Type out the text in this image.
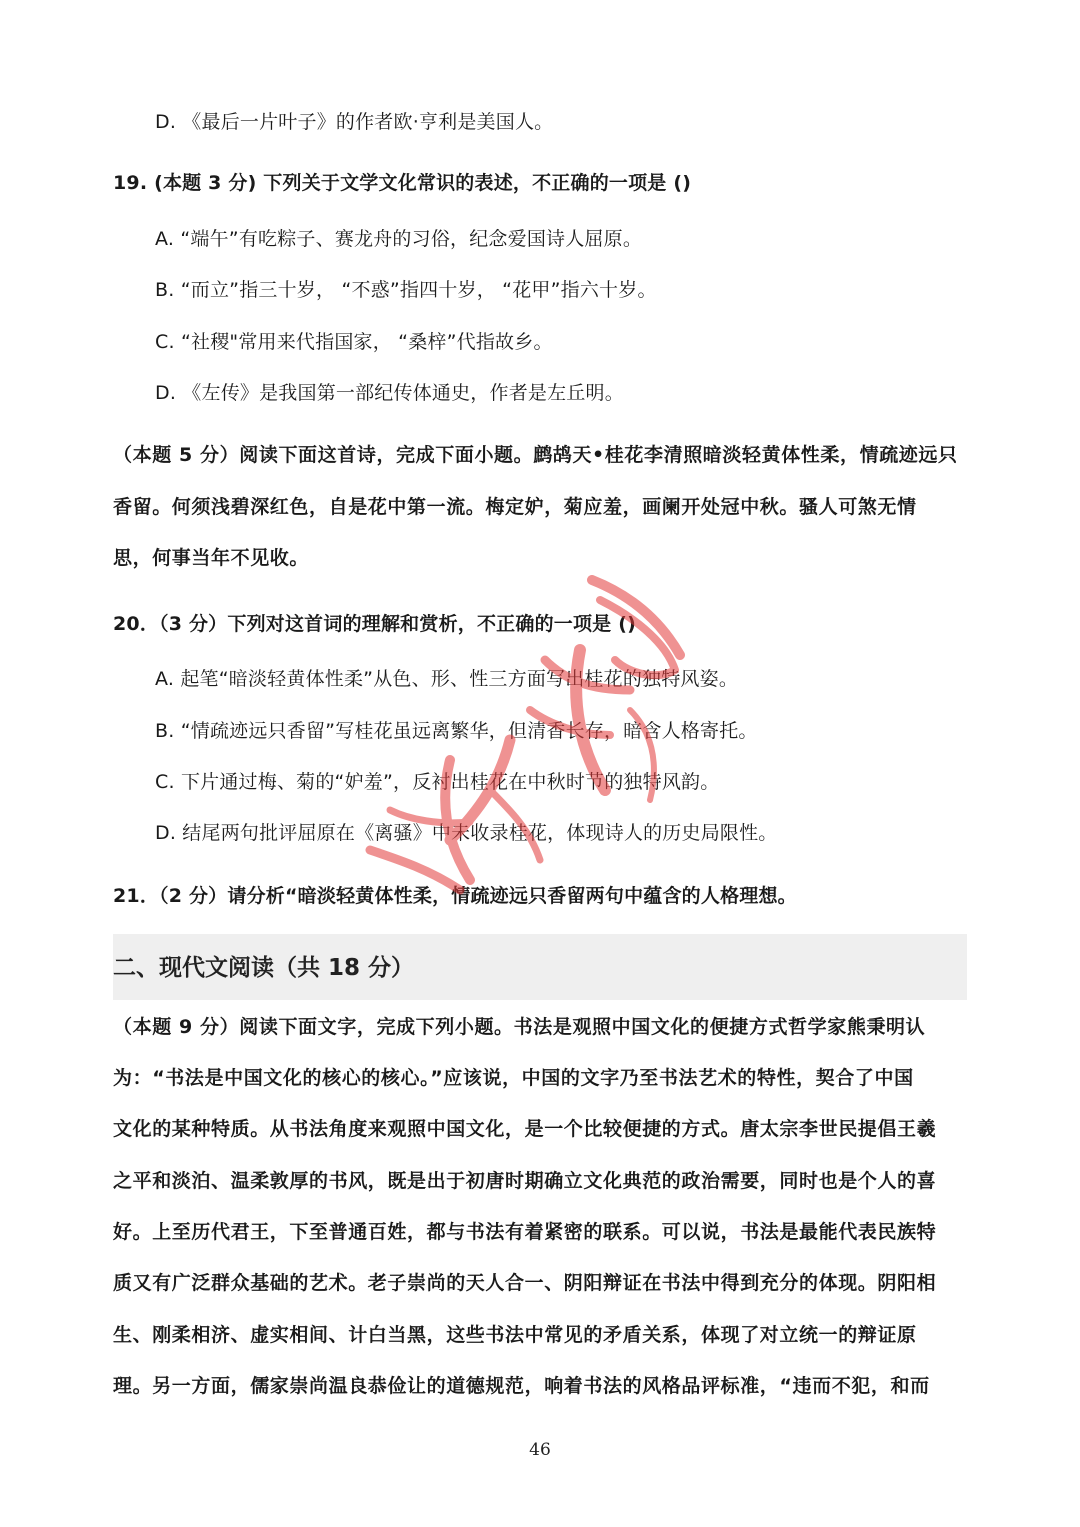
D. 《最后一片叶子》的作者欧·亨利是美国人。
19. (本题 3 分) 下列关于文学文化常识的表述，不正确的一项是 ()
A. “端午”有吃粽子、赛龙舟的习俗，纪念爱国诗人屈原。
B. “而立”指三十岁， “不惑”指四十岁， “花甲”指六十岁。
C. “社稷"常用来代指国家， “桑梓”代指故乡。
D. 《左传》是我国第一部纪传体通史，作者是左丘明。
（本题 5 分）阅读下面这首诗，完成下面小题。鹧鸪天•桂花李清照暗淡轻黄体性柔，情疏迹远只
香留。何须浅碧深红色，自是花中第一流。梅定妒，菊应羞，画阑开处冠中秋。骚人可煞无情
思，何事当年不见收。
20．（3 分）下列对这首词的理解和赏析，不正确的一项是 ()
A. 起笔“暗淡轻黄体性柔”从色、形、性三方面写出桂花的独特风姿。
B. “情疏迹远只香留”写桂花虽远离繁华，但清香长存，暗含人格寄托。
C. 下片通过梅、菊的“妒羞”，反衬出桂花在中秋时节的独特风韵。
D. 结尾两句批评屈原在《离骚》中未收录桂花，体现诗人的历史局限性。
21．（2 分）请分析“暗淡轻黄体性柔，情疏迹远只香留两句中蕴含的人格理想。
二、现代文阅读（共 18 分）
（本题 9 分）阅读下面文字，完成下列小题。书法是观照中国文化的便捷方式哲学家熊秉明认
为：“书法是中国文化的核心的核心。”应该说，中国的文字乃至书法艺术的特性，契合了中国
文化的某种特质。从书法角度来观照中国文化，是一个比较便捷的方式。唐太宗李世民提倡王羲
之平和淡泊、温柔敦厚的书风，既是出于初唐时期确立文化典范的政治需要，同时也是个人的喜
好。上至历代君王，下至普通百姓，都与书法有着紧密的联系。可以说，书法是最能代表民族特
质又有广泛群众基础的艺术。老子崇尚的天人合一、阴阳辩证在书法中得到充分的体现。阴阳相
生、刚柔相济、虚实相间、计白当黑，这些书法中常见的矛盾关系，体现了对立统一的辩证原
理。另一方面，儒家崇尚温良恭俭让的道德规范，响着书法的风格品评标准，“违而不犯，和而
46
